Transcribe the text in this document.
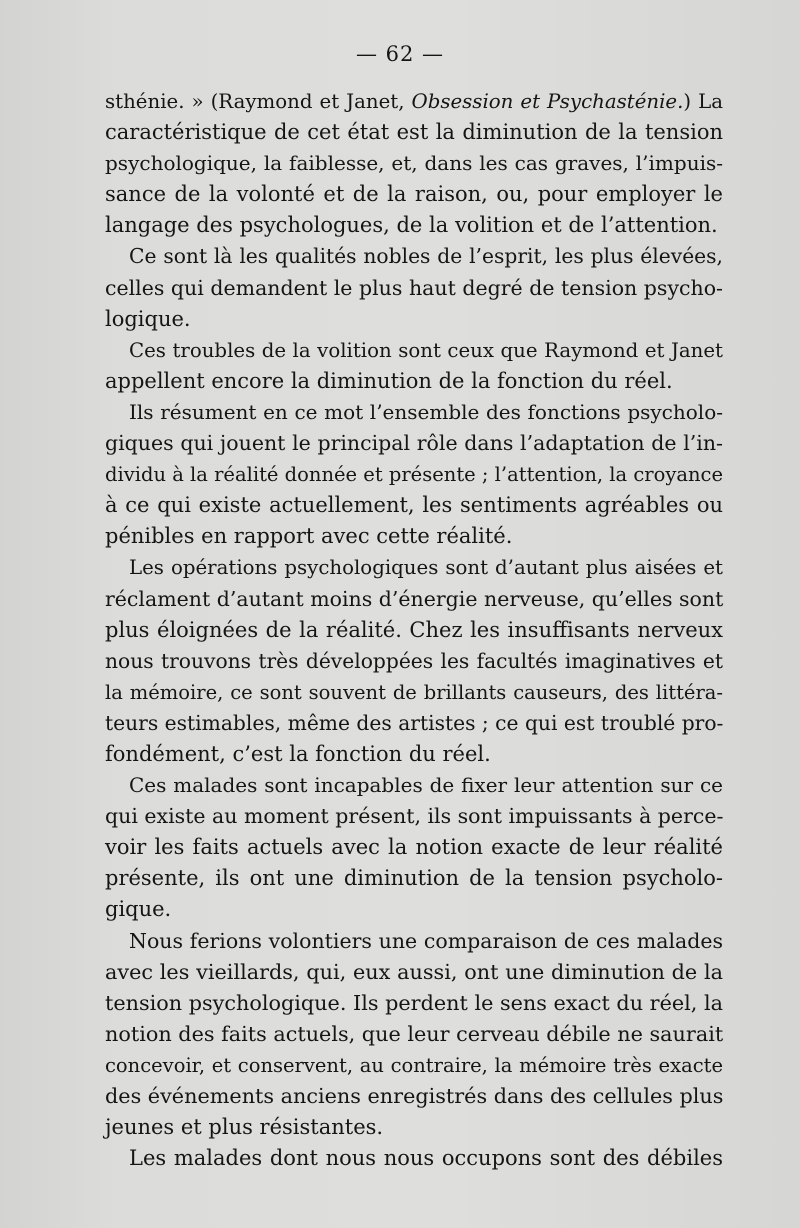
— 62 —
sthénie. » (Raymond et Janet, Obsession et Psychasténie.) La
caractéristique de cet état est la diminution de la tension
psychologique, la faiblesse, et, dans les cas graves, l’impuis-
sance de la volonté et de la raison, ou, pour employer le
langage des psychologues, de la volition et de l’attention.
Ce sont là les qualités nobles de l’esprit, les plus élevées,
celles qui demandent le plus haut degré de tension psycho-
logique.
Ces troubles de la volition sont ceux que Raymond et Janet
appellent encore la diminution de la fonction du réel.
Ils résument en ce mot l’ensemble des fonctions psycholo-
giques qui jouent le principal rôle dans l’adaptation de l’in-
dividu à la réalité donnée et présente ; l’attention, la croyance
à ce qui existe actuellement, les sentiments agréables ou
pénibles en rapport avec cette réalité.
Les opérations psychologiques sont d’autant plus aisées et
réclament d’autant moins d’énergie nerveuse, qu’elles sont
plus éloignées de la réalité. Chez les insuffisants nerveux
nous trouvons très développées les facultés imaginatives et
la mémoire, ce sont souvent de brillants causeurs, des littéra-
teurs estimables, même des artistes ; ce qui est troublé pro-
fondément, c’est la fonction du réel.
Ces malades sont incapables de fixer leur attention sur ce
qui existe au moment présent, ils sont impuissants à perce-
voir les faits actuels avec la notion exacte de leur réalité
présente, ils ont une diminution de la tension psycholo-
gique.
Nous ferions volontiers une comparaison de ces malades
avec les vieillards, qui, eux aussi, ont une diminution de la
tension psychologique. Ils perdent le sens exact du réel, la
notion des faits actuels, que leur cerveau débile ne saurait
concevoir, et conservent, au contraire, la mémoire très exacte
des événements anciens enregistrés dans des cellules plus
jeunes et plus résistantes.
Les malades dont nous nous occupons sont des débiles
